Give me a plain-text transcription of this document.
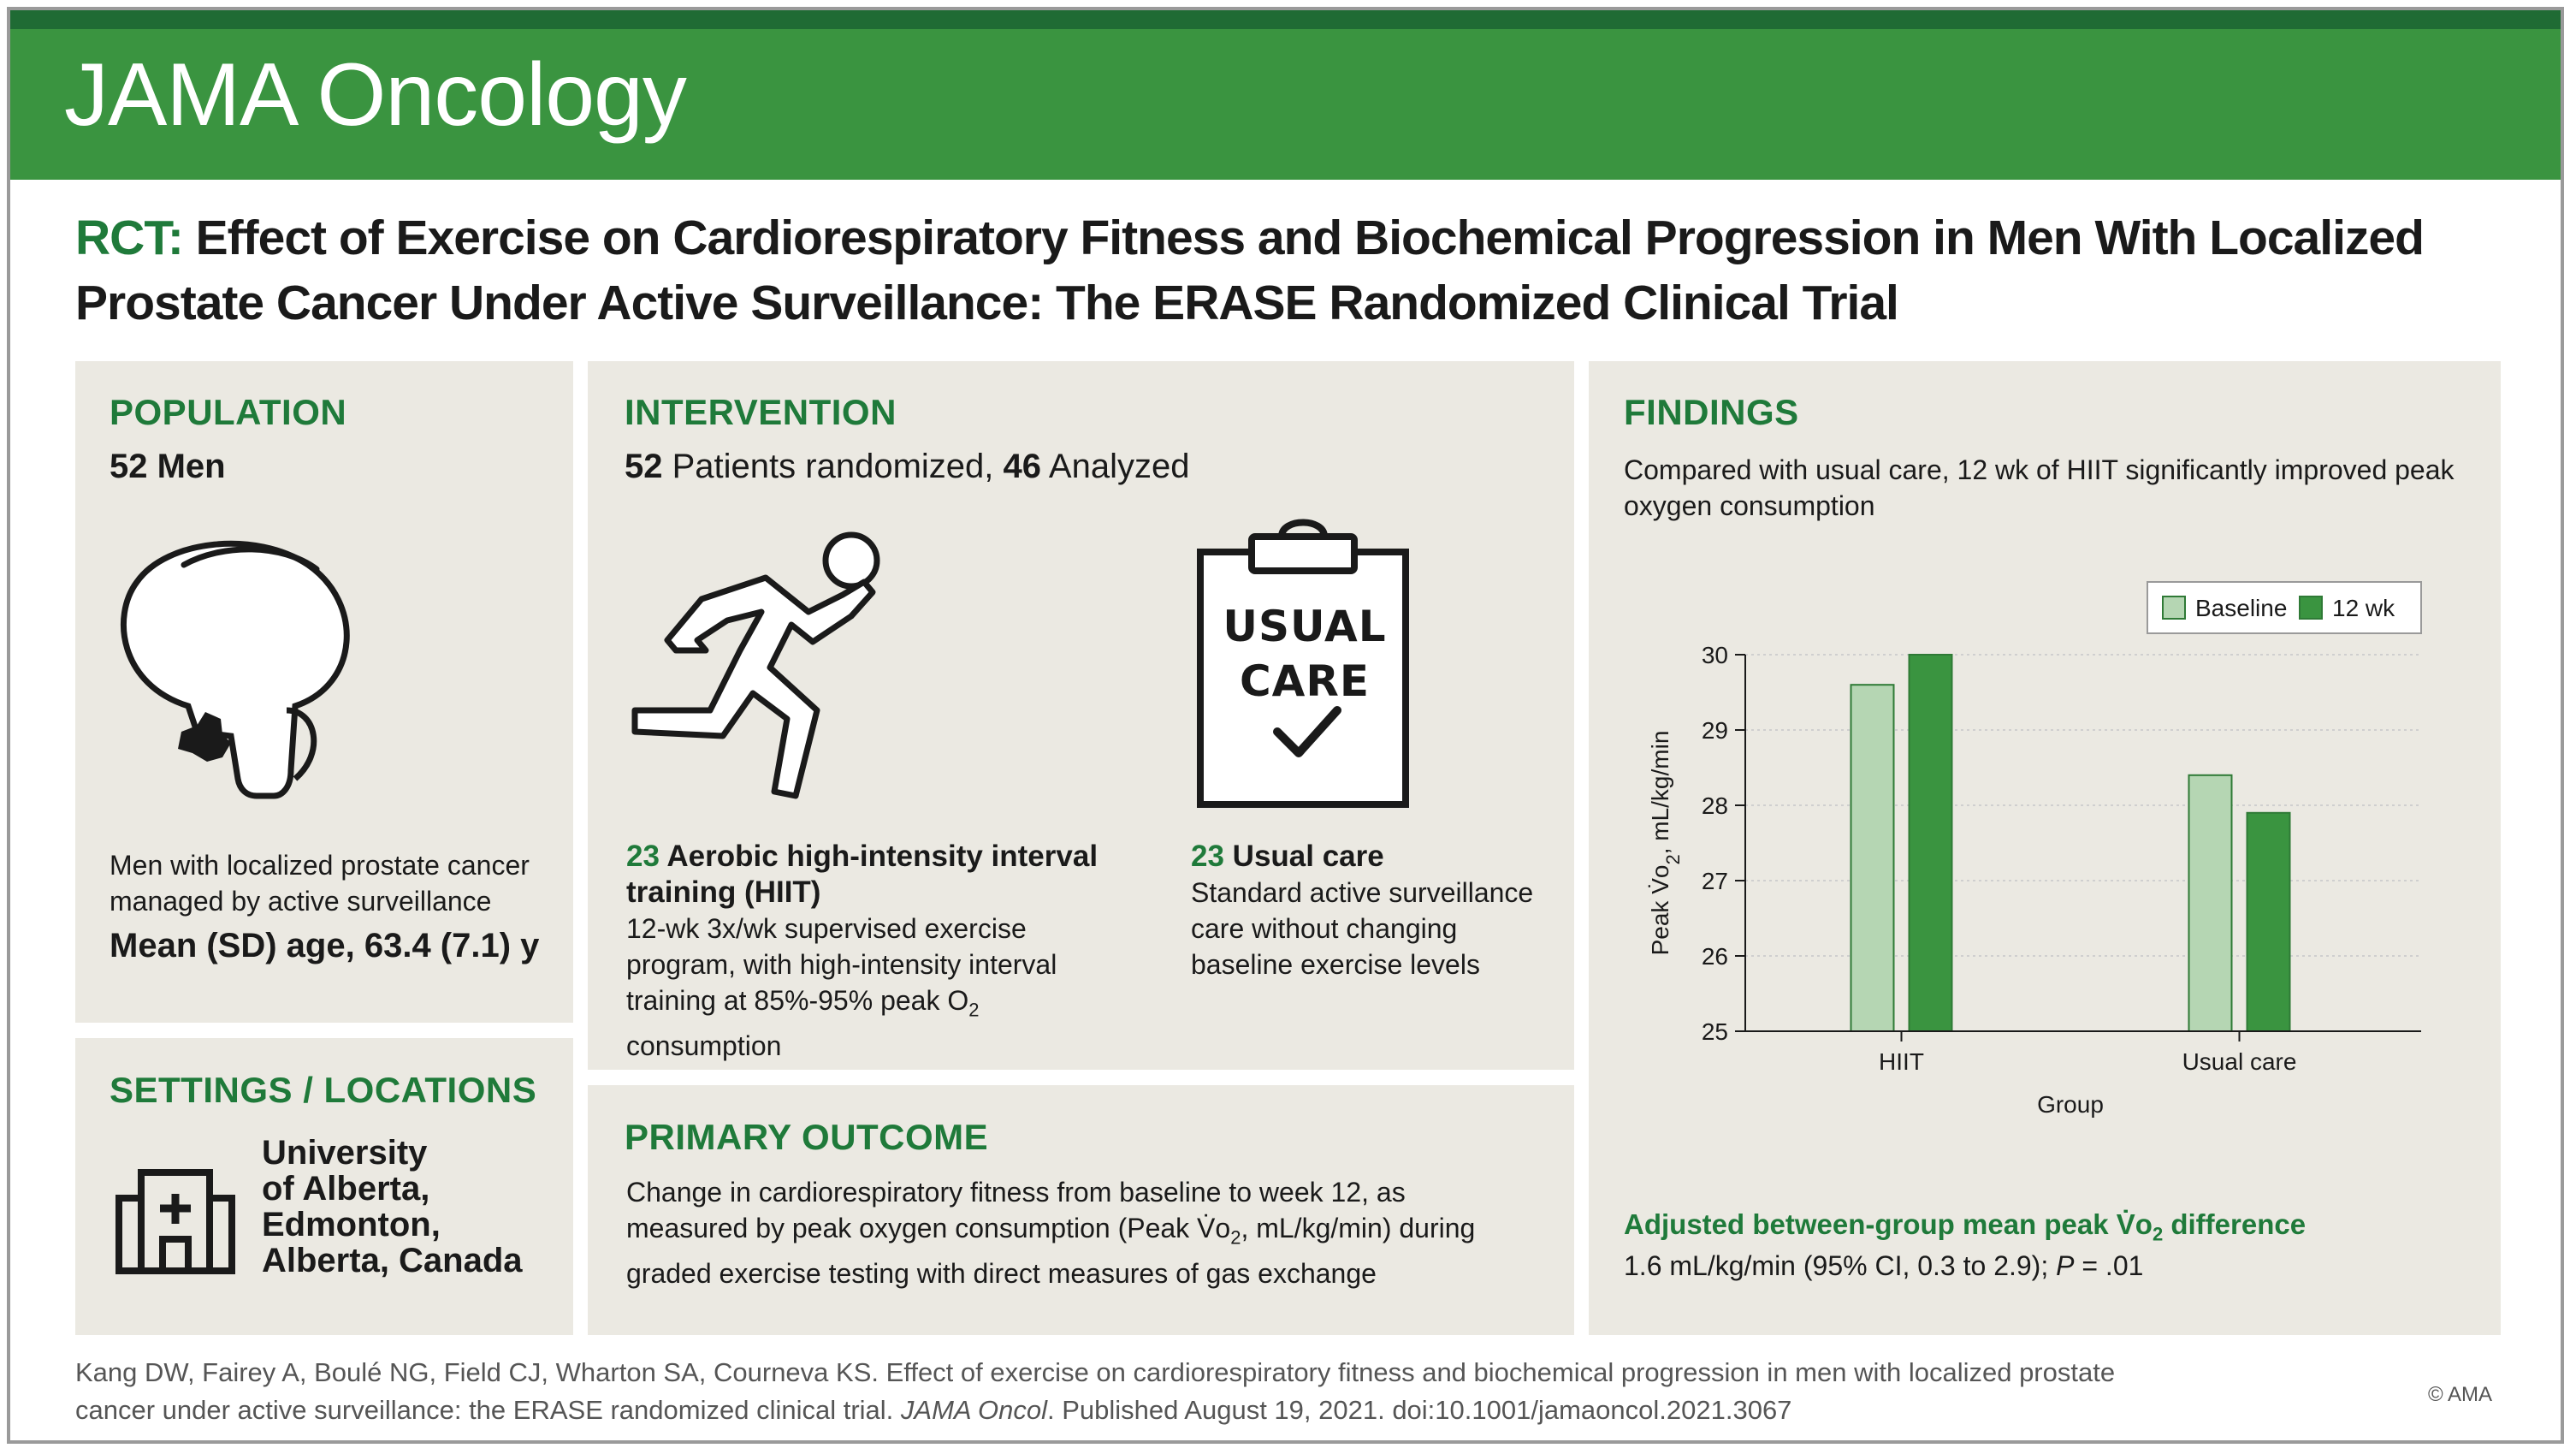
JAMA Oncology
RCT: Effect of Exercise on Cardiorespiratory Fitness and Biochemical Progression in Men With Localized Prostate Cancer Under Active Surveillance: The ERASE Randomized Clinical Trial
POPULATION
52 Men
Men with localized prostate cancer managed by active surveillance
Mean (SD) age, 63.4 (7.1) y
SETTINGS / LOCATIONS
University
of Alberta,
Edmonton,
Alberta, Canada
INTERVENTION
52 Patients randomized, 46 Analyzed
USUAL
CARE
23 Aerobic high-intensity interval training (HIIT)
12-wk 3x/wk supervised exercise program, with high-intensity interval training at 85%-95% peak $O_2$ consumption
23 Usual care
Standard active surveillance care without changing baseline exercise levels
PRIMARY OUTCOME
Change in cardiorespiratory fitness from baseline to week 12, as measured by peak oxygen consumption (Peak $V̇o_2$, mL/kg/min) during graded exercise testing with direct measures of gas exchange
FINDINGS
Compared with usual care, 12 wk of HIIT significantly improved peak oxygen consumption
25
26
27
28
29
30
HIIT	Usual care
Group
Peak $V̇o_2$, mL/kg/min
Baseline 12 wk
Adjusted between-group mean peak $V̇o_2$ difference
1.6 mL/kg/min (95% CI, 0.3 to 2.9); P = .01
Kang DW, Fairey A, Boulé NG, Field CJ, Wharton SA, Courneva KS. Effect of exercise on cardiorespiratory fitness and biochemical progression in men with localized prostate cancer under active surveillance: the ERASE randomized clinical trial. JAMA Oncol. Published August 19, 2021. doi:10.1001/jamaoncol.2021.3067
© AMA
